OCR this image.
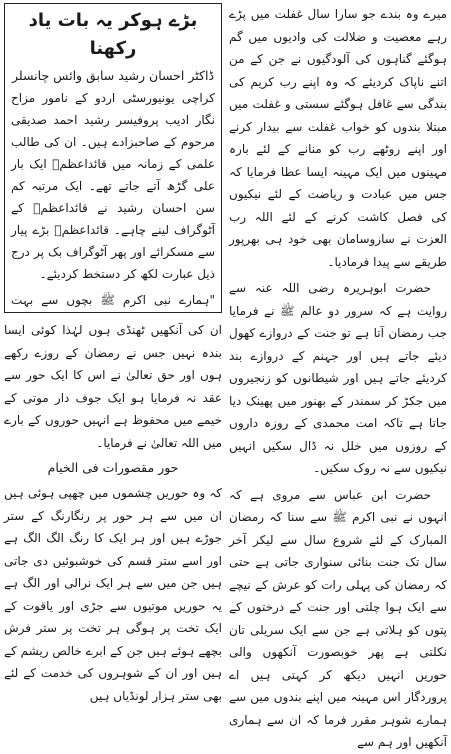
میرے وہ بندے جو سارا سال غفلت میں پڑے رہے معصیت و ضلالت کی وادیوں میں گم ہوگئے گناہوں کی آلودگیوں نے جن کے من اتنے ناپاک کردیئے کہ وہ اپنے رب کریم کی بندگی سے غافل ہوگئے سستی و غفلت میں مبتلا بندوں کو خواب غفلت سے بیدار کرنے اور اپنے روٹھے رب کو منانے کے لئے بارہ مہینوں میں ایک مہینہ ایسا عطا فرمایا کہ جس میں عبادت و ریاضت کے لئے نیکیوں کی فصل کاشت کرنے کے لئے اللہ رب العزت نے سازوسامان بھی خود ہی بھرپور طریقے سے پیدا فرمادیا۔

حضرت ابوہریرہ رضی اللہ عنہ سے روایت ہے کہ سرور دو عالم ﷺ نے فرمایا جب رمضان آتا ہے تو جنت کے دروازے کھول دیئے جاتے ہیں اور جہنم کے دروازے بند کردیئے جاتے ہیں اور شیطانوں کو زنجیروں میں جکڑ کر سمندر کے بھنور میں پھینک دیا جاتا ہے تاکہ امت محمدی کے روزہ داروں کے روزوں میں خلل نہ ڈال سکیں انہیں نیکیوں سے نہ روک سکیں۔

حضرت ابن عباس سے مروی ہے کہ انہوں نے نبی اکرم ﷺ سے سنا کہ رمضان المبارک کے لئے شروع سال سے لیکر آخر سال تک جنت بنائی سنواری جاتی ہے حتی کہ رمضان کی پہلی رات کو عرش کے نیچے سے ایک ہوا چلتی اور جنت کے درختوں کے پتوں کو ہلاتی ہے جن سے ایک سریلی تان نکلتی ہے پھر خوبصورت آنکھوں والی حوریں انہیں دیکھ کر کہتی ہیں اے پروردگار اس مہینہ میں اپنے بندوں میں سے ہمارے شوہر مقرر فرما کہ ان سے ہماری آنکھیں اور ہم سے

بڑے ہوکر یہ بات یاد رکھنا
ڈاکٹر احسان رشید سابق وائس چانسلر

کراچی یونیورسٹی اردو کے نامور مزاح نگار ادیب پروفیسر رشید احمد صدیقی مرحوم کے صاحبزادے ہیں۔ ان کی طالب علمی کے زمانہ میں قائداعظمؒ ایک بار علی گڑھ آتے جاتے تھے۔ ایک مرتبہ کم سن احسان رشید نے قائداعظمؒ کے آٹوگراف لینے چاہے۔ قائداعظمؒ بڑے پیار سے مسکرائے اور پھر آٹوگراف بک پر درج ذیل عبارت لکھ کر دستخط کردیئے۔

"ہمارے نبی اکرم ﷺ بچوں سے بہت

ان کی آنکھیں ٹھنڈی ہوں لہٰذا کوئی ایسا بندہ نہیں جس نے رمضان کے روزے رکھے ہوں اور حق تعالیٰ نے اس کا ایک حور سے عقد نہ فرمایا ہو ایک جوف دار موتی کے خیمے میں محفوظ ہے انہیں حوروں کے بارے میں اللہ تعالیٰ نے فرمایا۔

حور مقصورات فی الخیام

کہ وہ حوریں چشموں میں چھپی ہوئی ہیں ان میں سے ہر حور پر رنگارنگ کے ستر جوڑے ہیں اور ہر ایک کا رنگ الگ الگ ہے اور اسے ستر قسم کی خوشبوئیں دی جاتی ہیں جن میں سے ہر ایک نرالی اور الگ ہے یہ حوریں موتیوں سے جڑی اور یاقوت کے ایک تخت پر ہوگی ہر تخت پر ستر فرش بچھے ہوئے ہیں جن کے ابرے خالص ریشم کے ہیں اور ان کے شوہروں کی خدمت کے لئے بھی ستر ہزار لونڈیاں ہیں
